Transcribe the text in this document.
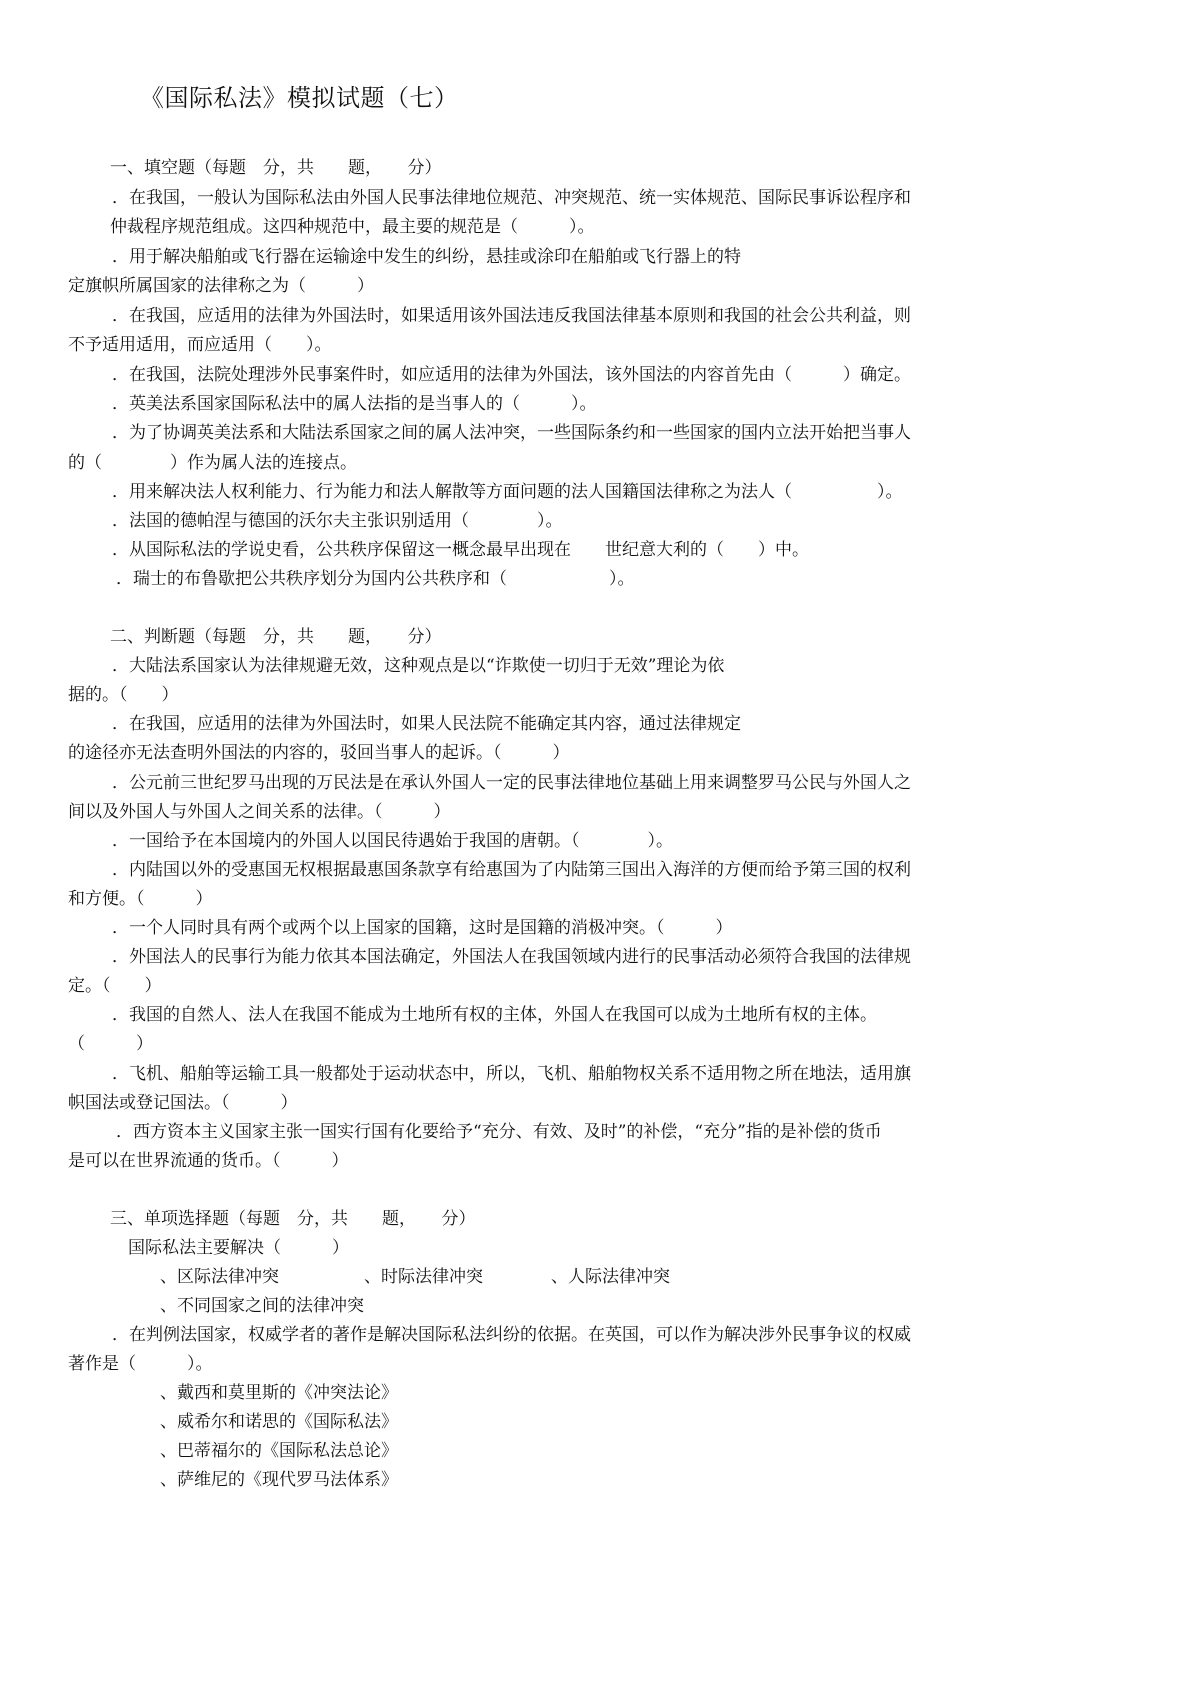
《国际私法》模拟试题（七）
一、填空题（每题　分，共　　题，　　分）
．在我国，一般认为国际私法由外国人民事法律地位规范、冲突规范、统一实体规范、国际民事诉讼程序和
仲裁程序规范组成。这四种规范中，最主要的规范是（　　　）。
．用于解决船舶或飞行器在运输途中发生的纠纷，悬挂或涂印在船舶或飞行器上的特
定旗帜所属国家的法律称之为（　　　）
．在我国，应适用的法律为外国法时，如果适用该外国法违反我国法律基本原则和我国的社会公共利益，则
不予适用适用，而应适用（　　）。
．在我国，法院处理涉外民事案件时，如应适用的法律为外国法，该外国法的内容首先由（　　　）确定。
．英美法系国家国际私法中的属人法指的是当事人的（　　　）。
．为了协调英美法系和大陆法系国家之间的属人法冲突，一些国际条约和一些国家的国内立法开始把当事人
的（　　　　）作为属人法的连接点。
．用来解决法人权利能力、行为能力和法人解散等方面问题的法人国籍国法律称之为法人（　　　　　）。
．法国的德帕涅与德国的沃尔夫主张识别适用（　　　　）。
．从国际私法的学说史看，公共秩序保留这一概念最早出现在　　世纪意大利的（　　）中。
．瑞士的布鲁歇把公共秩序划分为国内公共秩序和（　　　　　　）。
二、判断题（每题　分，共　　题，　　分）
．大陆法系国家认为法律规避无效，这种观点是以“诈欺使一切归于无效”理论为依
据的。（　　）
．在我国，应适用的法律为外国法时，如果人民法院不能确定其内容，通过法律规定
的途径亦无法查明外国法的内容的，驳回当事人的起诉。（　　　）
．公元前三世纪罗马出现的万民法是在承认外国人一定的民事法律地位基础上用来调整罗马公民与外国人之
间以及外国人与外国人之间关系的法律。（　　　）
．一国给予在本国境内的外国人以国民待遇始于我国的唐朝。（　　　　）。
．内陆国以外的受惠国无权根据最惠国条款享有给惠国为了内陆第三国出入海洋的方便而给予第三国的权利
和方便。（　　　）
．一个人同时具有两个或两个以上国家的国籍，这时是国籍的消极冲突。（　　　）
．外国法人的民事行为能力依其本国法确定，外国法人在我国领域内进行的民事活动必须符合我国的法律规
定。（　　）
．我国的自然人、法人在我国不能成为土地所有权的主体，外国人在我国可以成为土地所有权的主体。
（　　　）
．飞机、船舶等运输工具一般都处于运动状态中，所以，飞机、船舶物权关系不适用物之所在地法，适用旗
帜国法或登记国法。（　　　）
．西方资本主义国家主张一国实行国有化要给予“充分、有效、及时”的补偿，“充分”指的是补偿的货币
是可以在世界流通的货币。（　　　）
三、单项选择题（每题　分，共　　题，　　分）
国际私法主要解决（　　　）
、区际法律冲突　　　　　、时际法律冲突　　　　、人际法律冲突
、不同国家之间的法律冲突
．在判例法国家，权威学者的著作是解决国际私法纠纷的依据。在英国，可以作为解决涉外民事争议的权威
著作是（　　　）。
、戴西和莫里斯的《冲突法论》
、威希尔和诺思的《国际私法》
、巴蒂福尔的《国际私法总论》
、萨维尼的《现代罗马法体系》
